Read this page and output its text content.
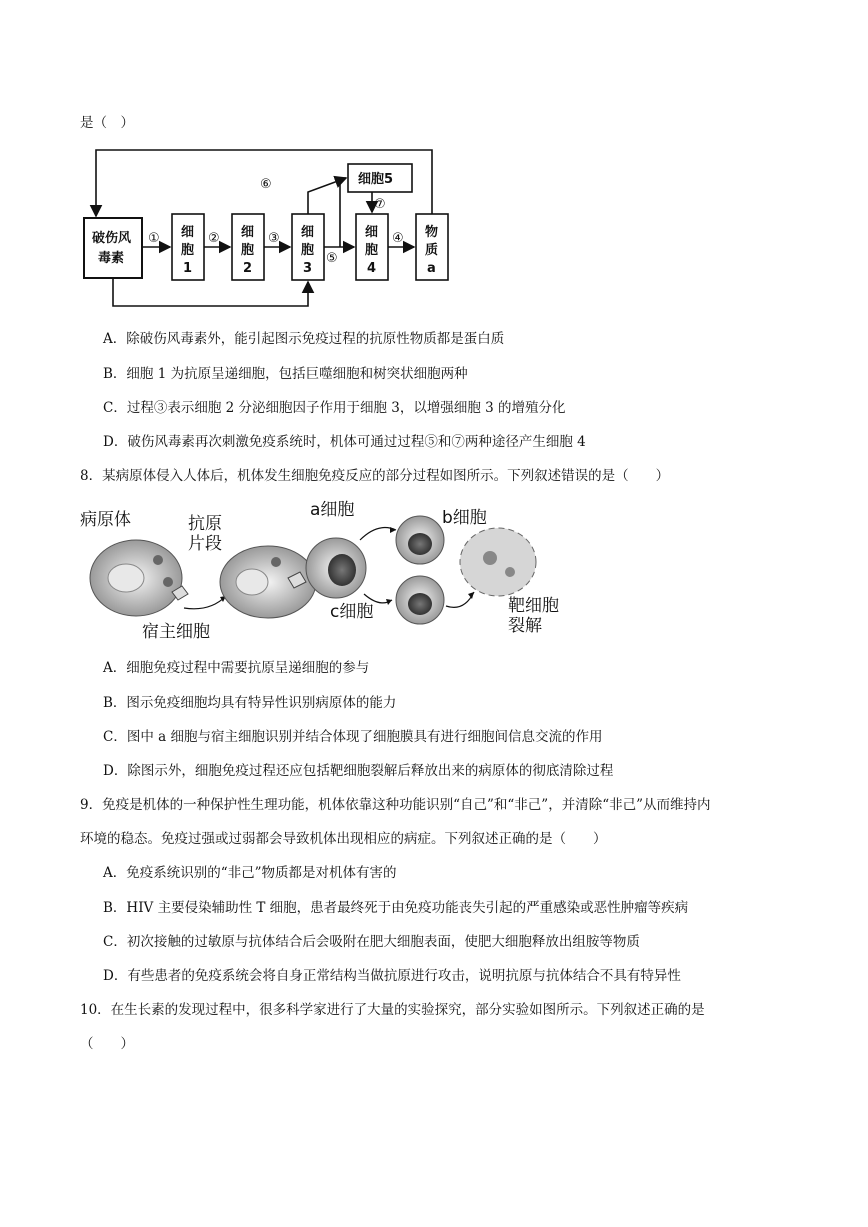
是（　）
破伤风
毒素
细
胞
1
细
胞
2
细
胞
3
细
胞
4
物
质
a
细胞5
①	②	③
⑤
④
⑥
⑦
A．除破伤风毒素外，能引起图示免疫过程的抗原性物质都是蛋白质
B．细胞 1 为抗原呈递细胞，包括巨噬细胞和树突状细胞两种
C．过程③表示细胞 2 分泌细胞因子作用于细胞 3，以增强细胞 3 的增殖分化
D．破伤风毒素再次刺激免疫系统时，机体可通过过程⑤和⑦两种途径产生细胞 4
8．某病原体侵入人体后，机体发生细胞免疫反应的部分过程如图所示。下列叙述错误的是（　　）
病原体	抗原
片段
宿主细胞
a细胞	b细胞
c细胞	靶细胞
裂解
A．细胞免疫过程中需要抗原呈递细胞的参与
B．图示免疫细胞均具有特异性识别病原体的能力
C．图中 a 细胞与宿主细胞识别并结合体现了细胞膜具有进行细胞间信息交流的作用
D．除图示外，细胞免疫过程还应包括靶细胞裂解后释放出来的病原体的彻底清除过程
9．免疫是机体的一种保护性生理功能，机体依靠这种功能识别“自己”和“非己”，并清除“非己”从而维持内
环境的稳态。免疫过强或过弱都会导致机体出现相应的病症。下列叙述正确的是（　　）
A．免疫系统识别的“非己”物质都是对机体有害的
B．HIV 主要侵染辅助性 T 细胞，患者最终死于由免疫功能丧失引起的严重感染或恶性肿瘤等疾病
C．初次接触的过敏原与抗体结合后会吸附在肥大细胞表面，使肥大细胞释放出组胺等物质
D．有些患者的免疫系统会将自身正常结构当做抗原进行攻击，说明抗原与抗体结合不具有特异性
10．在生长素的发现过程中，很多科学家进行了大量的实验探究，部分实验如图所示。下列叙述正确的是
（　　）
